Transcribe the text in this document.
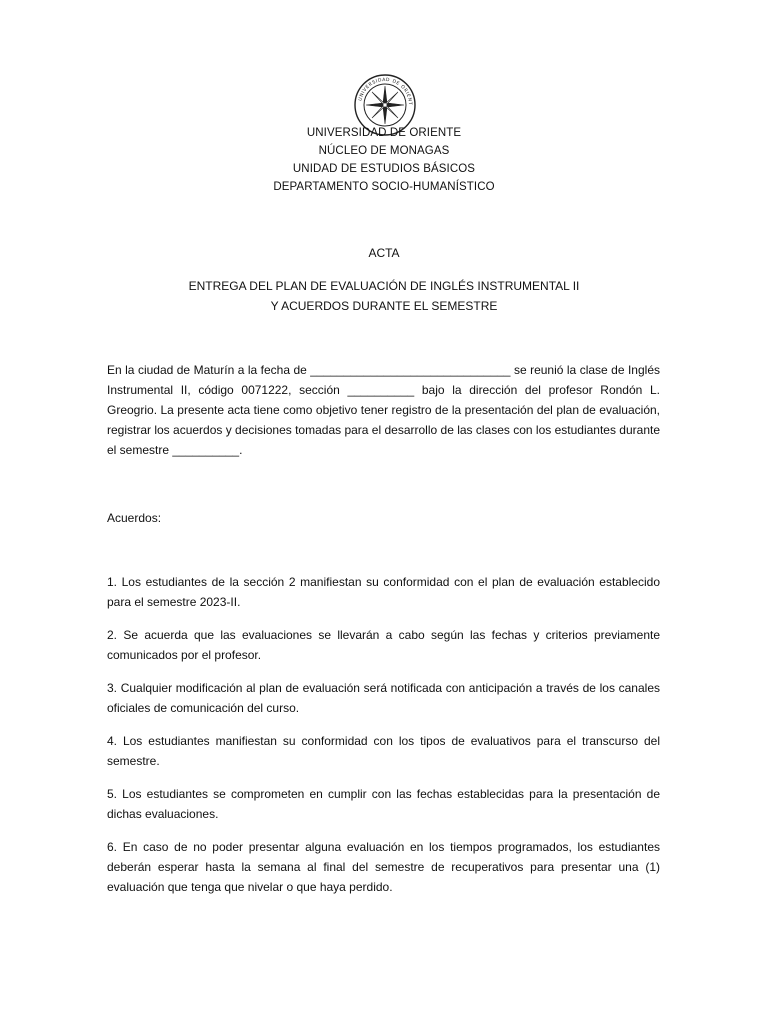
UNIVERSIDAD DE ORIENT
UNIVERSIDAD DE ORIENTE
NÚCLEO DE MONAGAS
UNIDAD DE ESTUDIOS BÁSICOS
DEPARTAMENTO SOCIO-HUMANÍSTICO
ACTA
ENTREGA DEL PLAN DE EVALUACIÓN DE INGLÉS INSTRUMENTAL II
Y ACUERDOS DURANTE EL SEMESTRE

En la ciudad de Maturín a la fecha de ______________________________ se reunió la clase de Inglés Instrumental II, código 0071222, sección __________ bajo la dirección del profesor Rondón L. Greogrio. La presente acta tiene como objetivo tener registro de la presentación del plan de evaluación, registrar los acuerdos y decisiones tomadas para el desarrollo de las clases con los estudiantes durante el semestre __________.

Acuerdos:

1. Los estudiantes de la sección 2 manifiestan su conformidad con el plan de evaluación establecido para el semestre 2023-II.

2. Se acuerda que las evaluaciones se llevarán a cabo según las fechas y criterios previamente comunicados por el profesor.

3. Cualquier modificación al plan de evaluación será notificada con anticipación a través de los canales oficiales de comunicación del curso.

4. Los estudiantes manifiestan su conformidad con los tipos de evaluativos para el transcurso del semestre.

5. Los estudiantes se comprometen en cumplir con las fechas establecidas para la presentación de dichas evaluaciones.

6. En caso de no poder presentar alguna evaluación en los tiempos programados, los estudiantes deberán esperar hasta la semana al final del semestre de recuperativos para presentar una (1) evaluación que tenga que nivelar o que haya perdido.
